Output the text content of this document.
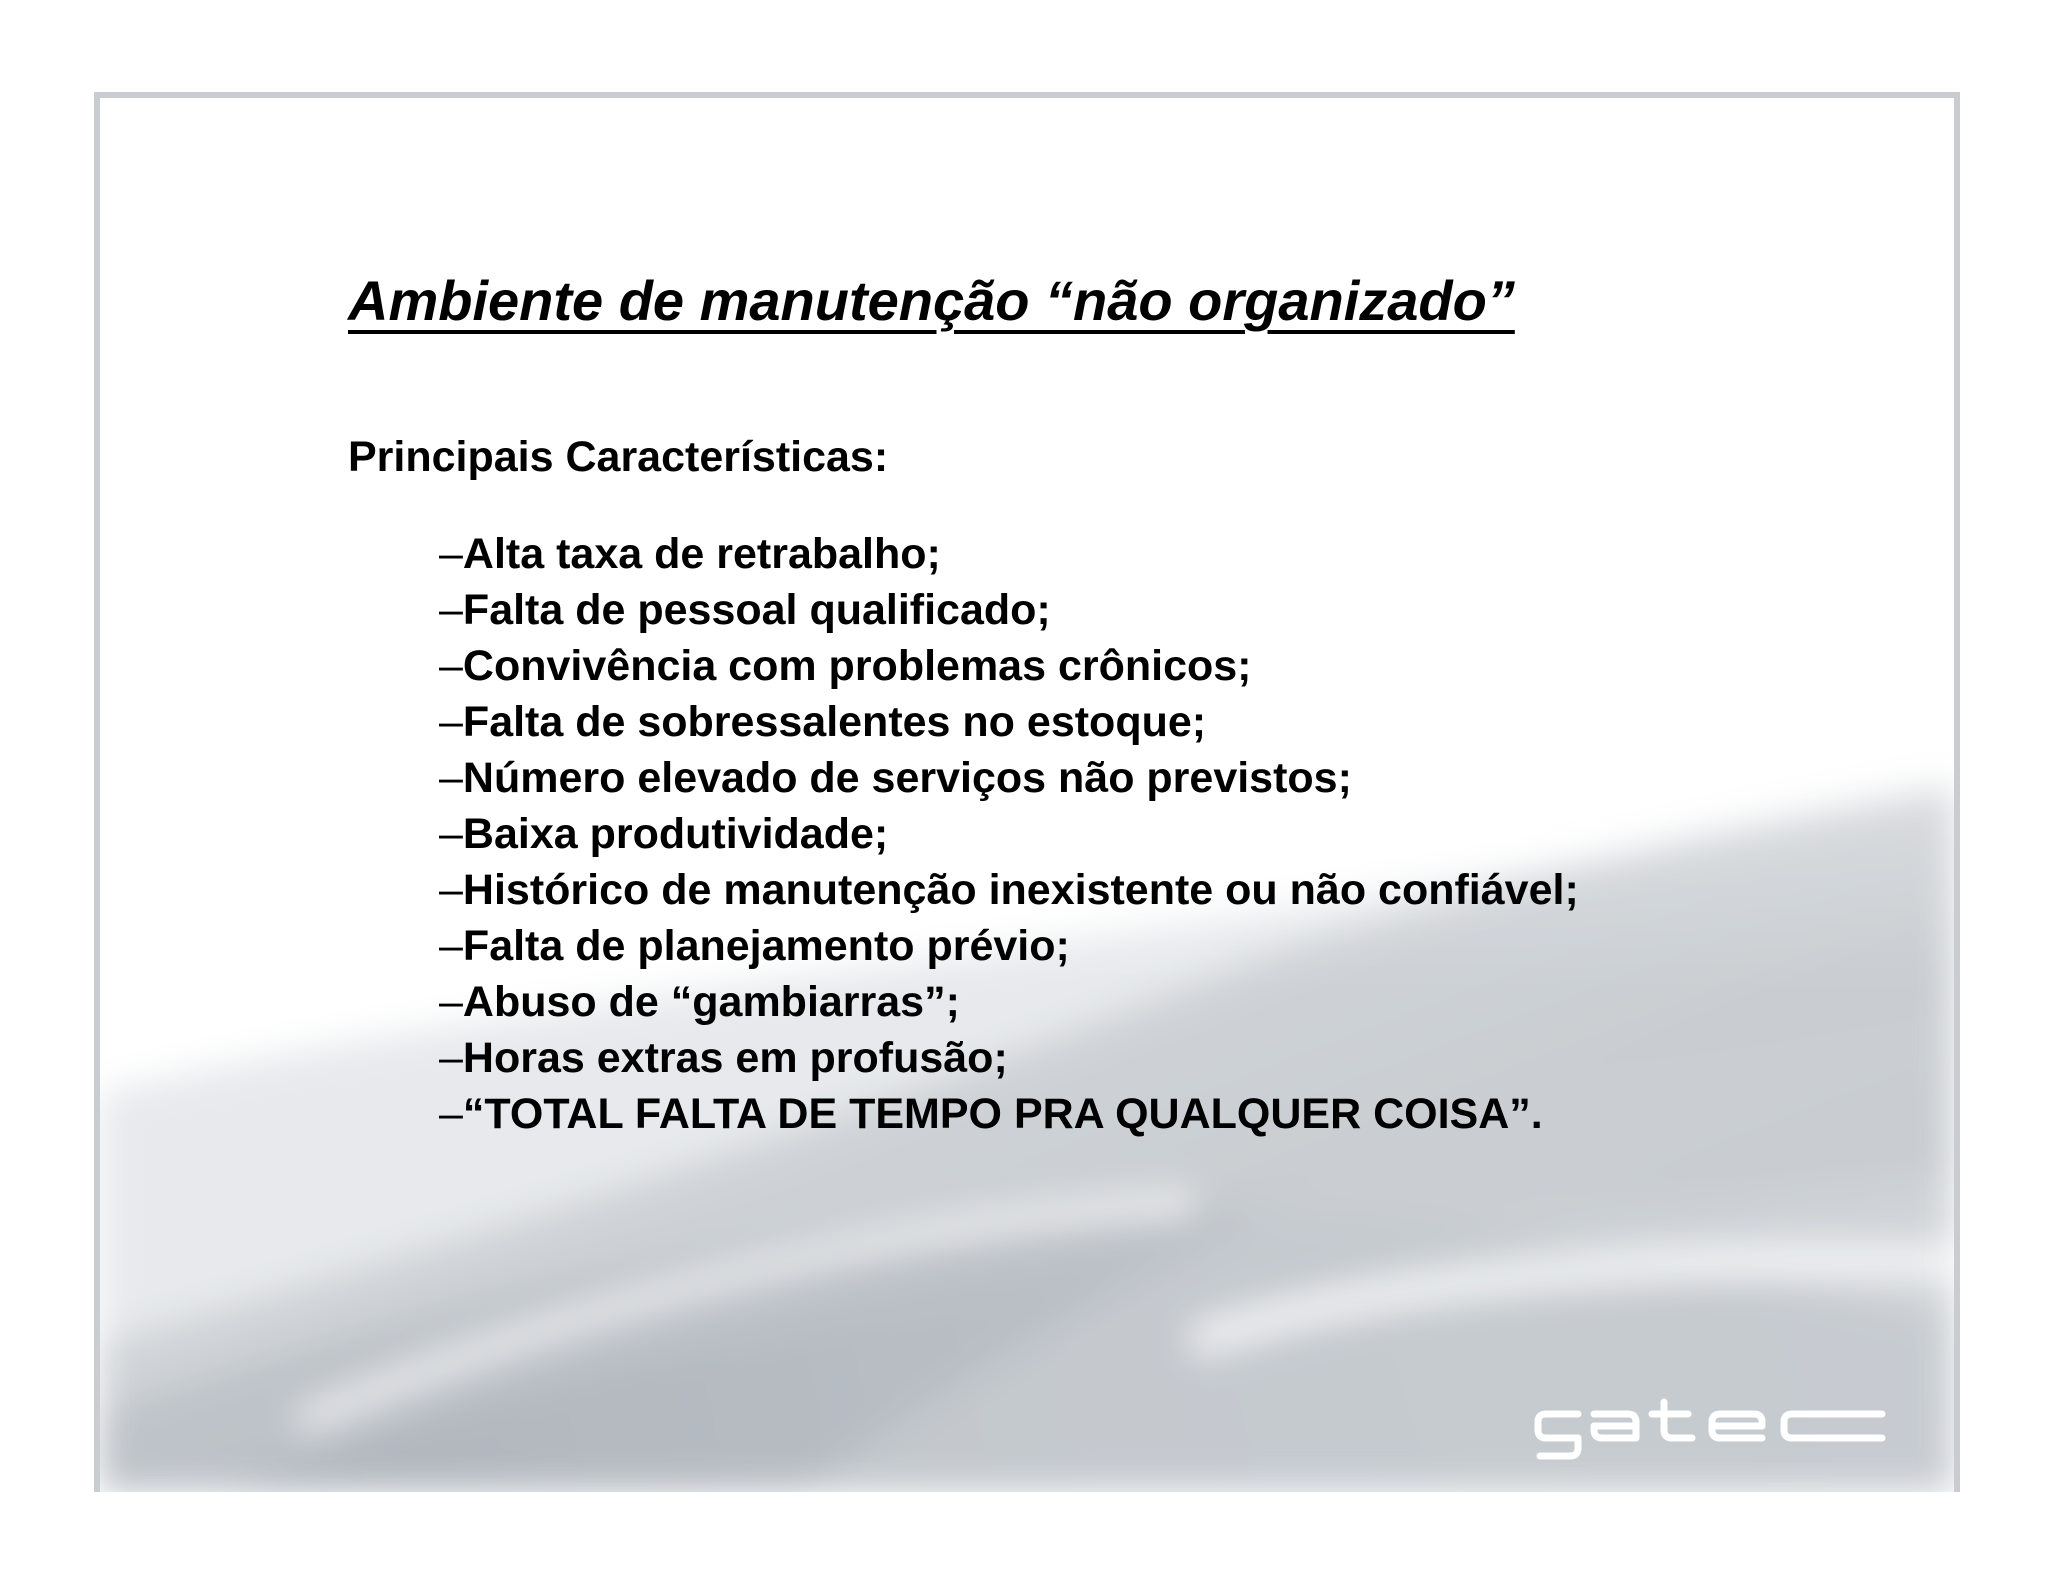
Ambiente de manutenção “não organizado”

Principais Características:

–Alta taxa de retrabalho;
–Falta de pessoal qualificado;
–Convivência com problemas crônicos;
–Falta de sobressalentes no estoque;
–Número elevado de serviços não previstos;
–Baixa produtividade;
–Histórico de manutenção inexistente ou não confiável;
–Falta de planejamento prévio;
–Abuso de “gambiarras”;
–Horas extras em profusão;
–“TOTAL FALTA DE TEMPO PRA QUALQUER COISA”.
